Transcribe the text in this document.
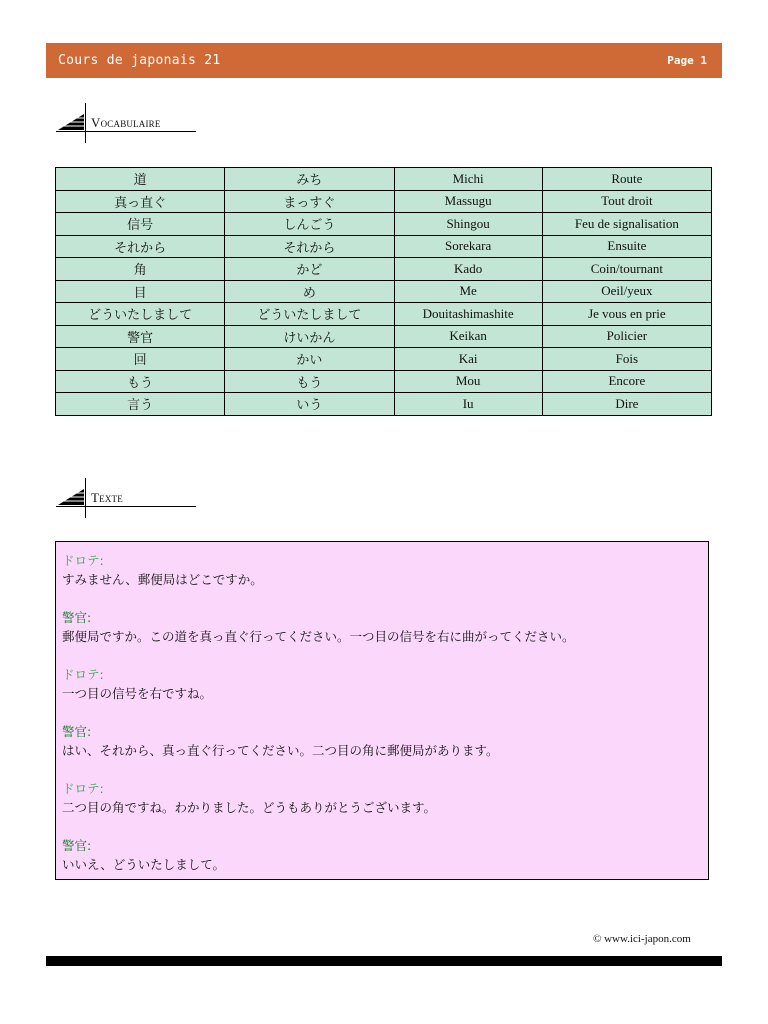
Cours de japonais 21	Page 1
Vocabulaire
道	みち	Michi	Route
真っ直ぐ	まっすぐ	Massugu	Tout droit
信号	しんごう	Shingou	Feu de signalisation
それから	それから	Sorekara	Ensuite
角	かど	Kado	Coin/tournant
目	め	Me	Oeil/yeux
どういたしまして	どういたしまして	Douitashimashite	Je vous en prie
警官	けいかん	Keikan	Policier
回	かい	Kai	Fois
もう	もう	Mou	Encore
言う	いう	Iu	Dire
Texte
ドロテ:
すみません、郵便局はどこですか。
警官:
郵便局ですか。この道を真っ直ぐ行ってください。一つ目の信号を右に曲がってください。
ドロテ:
一つ目の信号を右ですね。
警官:
はい、それから、真っ直ぐ行ってください。二つ目の角に郵便局があります。
ドロテ:
二つ目の角ですね。わかりました。どうもありがとうございます。
警官:
いいえ、どういたしまして。
© www.ici-japon.com
